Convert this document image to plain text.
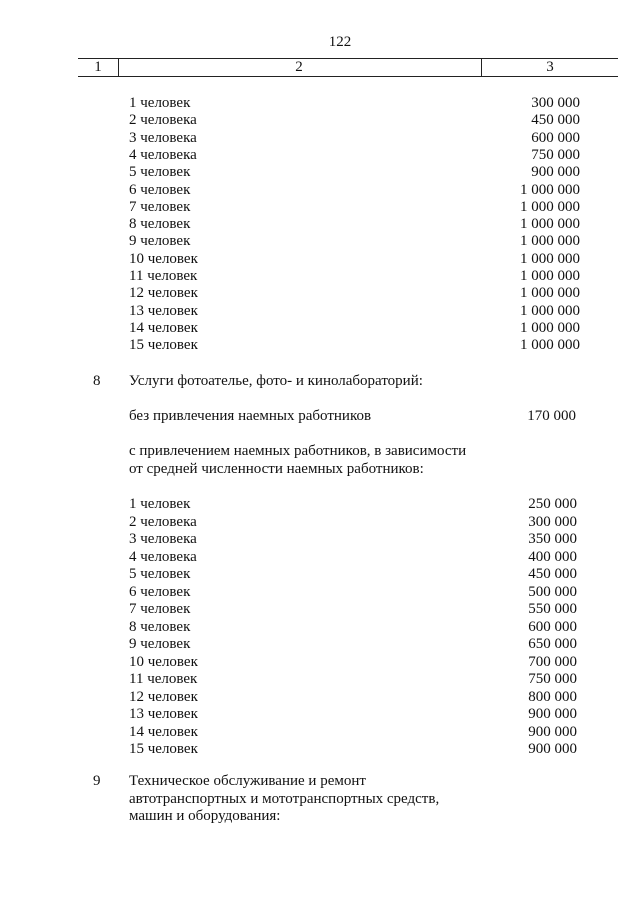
122
1	2	3
1 человек	300 000
2 человека	450 000
3 человека	600 000
4 человека	750 000
5 человек	900 000
6 человек	1 000 000
7 человек	1 000 000
8 человек	1 000 000
9 человек	1 000 000
10 человек	1 000 000
11 человек	1 000 000
12 человек	1 000 000
13 человек	1 000 000
14 человек	1 000 000
15 человек	1 000 000
8	Услуги фотоателье, фото- и кинолабораторий:
без привлечения наемных работников	170 000
с привлечением наемных работников, в зависимости
от средней численности наемных работников:
1 человек	250 000
2 человека	300 000
3 человека	350 000
4 человека	400 000
5 человек	450 000
6 человек	500 000
7 человек	550 000
8 человек	600 000
9 человек	650 000
10 человек	700 000
11 человек	750 000
12 человек	800 000
13 человек	900 000
14 человек	900 000
15 человек	900 000
9	Техническое обслуживание и ремонт
автотранспортных и мототранспортных средств,
машин и оборудования:
